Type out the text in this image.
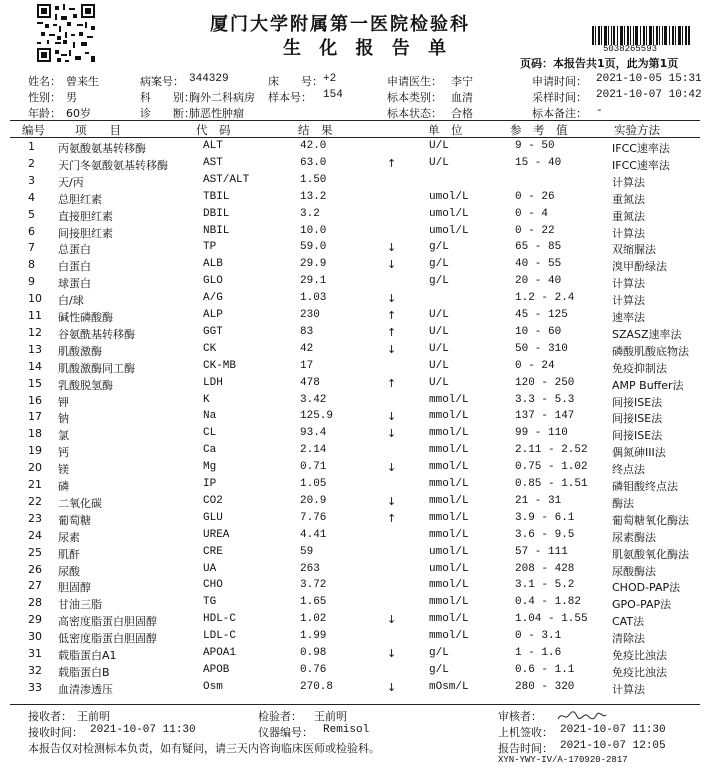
厦门大学附属第一医院检验科
生 化 报 告 单	5038265593
页码：本报告共1页，此为第1页
姓名： 曾来生
性别： 男
年龄： 60岁
病案号： 344329
科　　别：
胸外二科病房
诊　　断：
肺恶性肿瘤
床　　号： +2
样本号： 154
申请医生： 李宁
标本类别： 血清
标本状态： 合格
申请时间： 2021-10-05 15:31
采样时间： 2021-10-07 10:42
标本备注： -
编号	项　　目	代　码	结　果	单　位	参　考　值	实验方法
1 丙氨酸氨基转移酶	ALT	42.0	U/L	9 - 50	IFCC速率法
2 天门冬氨酸氨基转移酶	AST	63.0	↑	U/L	15 - 40	IFCC速率法
3 天/丙	AST/ALT	1.50	计算法
4 总胆红素	TBIL	13.2	umol/L	0 - 26	重氮法
5 直接胆红素	DBIL	3.2	umol/L	0 - 4	重氮法
6 间接胆红素	NBIL	10.0	umol/L	0 - 22	计算法
7 总蛋白	TP	59.0	↓	g/L	65 - 85	双缩脲法
8 白蛋白	ALB	29.9	↓	g/L	40 - 55	溴甲酚绿法
9 球蛋白	GLO	29.1	g/L	20 - 40	计算法
10 白/球	A/G	1.03	↓	1.2 - 2.4	计算法
11 碱性磷酸酶	ALP	230	↑	U/L	45 - 125	速率法
12 谷氨酰基转移酶	GGT	83	↑	U/L	10 - 60	SZASZ速率法
13 肌酸激酶	CK	42	↓	U/L	50 - 310	磷酸肌酸底物法
14 肌酸激酶同工酶	CK-MB	17	U/L	0 - 24	免疫抑制法
15 乳酸脱氢酶	LDH	478	↑	U/L	120 - 250	AMP Buffer法
16 钾	K	3.42	mmol/L	3.3 - 5.3	间接ISE法
17 钠	Na	125.9	↓	mmol/L	137 - 147	间接ISE法
18 氯	CL	93.4	↓	mmol/L	99 - 110	间接ISE法
19 钙	Ca	2.14	mmol/L	2.11 - 2.52 偶氮砷III法
20 镁	Mg	0.71	↓	mmol/L	0.75 - 1.02 终点法
21 磷	IP	1.05	mmol/L	0.85 - 1.51 磷钼酸终点法
22 二氧化碳	CO2	20.9	↓	mmol/L	21 - 31	酶法
23 葡萄糖	GLU	7.76	↑	mmol/L	3.9 - 6.1	葡萄糖氧化酶法
24 尿素	UREA	4.41	mmol/L	3.6 - 9.5	尿素酶法
25 肌酐	CRE	59	umol/L	57 - 111	肌氨酸氧化酶法
26 尿酸	UA	263	umol/L	208 - 428	尿酸酶法
27 胆固醇	CHO	3.72	mmol/L	3.1 - 5.2	CHOD-PAP法
28 甘油三脂	TG	1.65	mmol/L	0.4 - 1.82	GPO-PAP法
29 高密度脂蛋白胆固醇	HDL-C	1.02	↓	mmol/L	1.04 - 1.55 CAT法
30 低密度脂蛋白胆固醇	LDL-C	1.99	mmol/L	0 - 3.1	清除法
31 载脂蛋白A1	APOA1	0.98	↓	g/L	1 - 1.6	免疫比浊法
32 载脂蛋白B	APOB	0.76	g/L	0.6 - 1.1	免疫比浊法
33 血清渗透压	Osm	270.8	↓	mOsm/L	280 - 320	计算法
接收者： 王前明	检验者： 王前明	审核者：
接收时间： 2021-10-07 11:30	仪器编号： Remisol	上机签收： 2021-10-07 11:30
本报告仅对检测标本负责，如有疑问，请三天内咨询临床医师或检验科。	报告时间： 2021-10-07 12:05
XYN-YWY-IV/A-170920-2817
